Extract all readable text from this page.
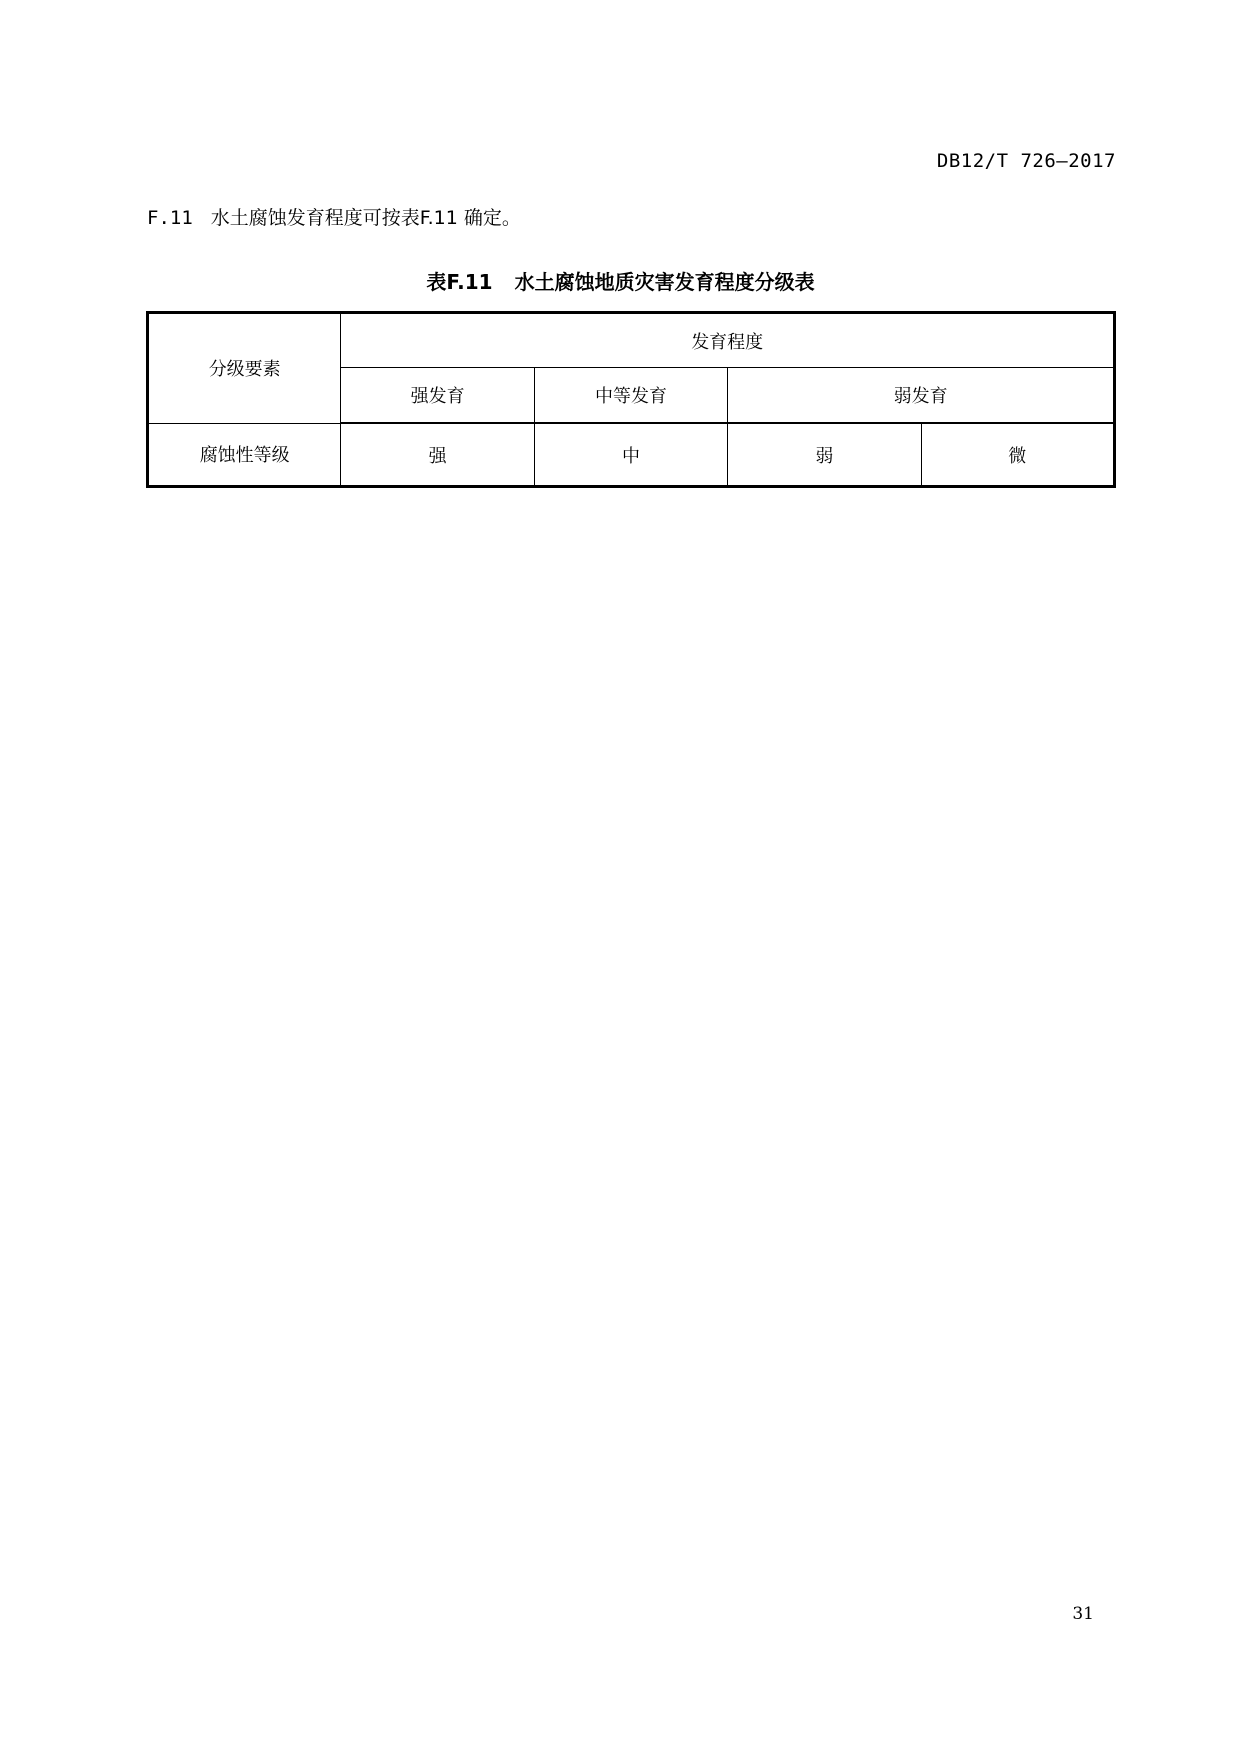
DB12/T 726—2017
F.11 水土腐蚀发育程度可按表F.11 确定。
表F.11 水土腐蚀地质灾害发育程度分级表
分级要素	发育程度			
	强发育	中等发育	弱发育	
腐蚀性等级	强	中	弱	微
31
